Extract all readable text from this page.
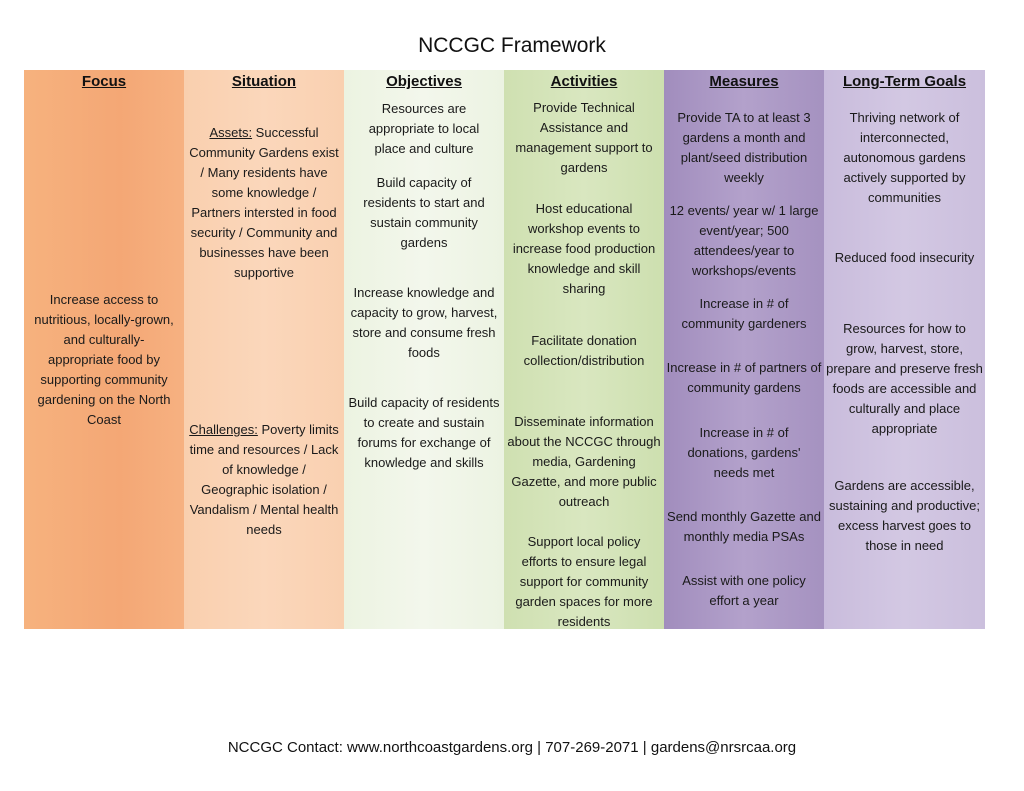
NCCGC Framework
Focus
Increase access to nutritious, locally-grown, and culturally-appropriate food by supporting community gardening on the North Coast
Situation
Assets: Successful Community Gardens exist / Many residents have some knowledge / Partners intersted in food security / Community and businesses have been supportive
Challenges: Poverty limits time and resources / Lack of knowledge / Geographic isolation / Vandalism / Mental health needs
Objectives
Resources are appropriate to local place and culture
Build capacity of residents to start and sustain community gardens
Increase knowledge and capacity to grow, harvest, store and consume fresh foods
Build capacity of residents to create and sustain forums for exchange of knowledge and skills
Activities
Provide Technical Assistance and management support to gardens
Host educational workshop events to increase food production knowledge and skill sharing
Facilitate donation collection/distribution
Disseminate information about the NCCGC through media, Gardening Gazette, and more public outreach
Support local policy efforts to ensure legal support for community garden spaces for more residents
Measures
Provide TA to at least 3 gardens a month and plant/seed distribution weekly
12 events/ year w/ 1 large event/year; 500 attendees/year to workshops/events
Increase in # of community gardeners
Increase in # of partners of community gardens
Increase in # of donations, gardens' needs met
Send monthly Gazette and monthly media PSAs
Assist with one policy effort a year
Long-Term Goals
Thriving network of interconnected, autonomous gardens actively supported by communities
Reduced food insecurity
Resources for how to grow, harvest, store, prepare and preserve fresh foods are accessible and culturally and place appropriate
Gardens are accessible, sustaining and productive; excess harvest goes to those in need
NCCGC Contact: www.northcoastgardens.org | 707-269-2071 | gardens@nrsrcaa.org
